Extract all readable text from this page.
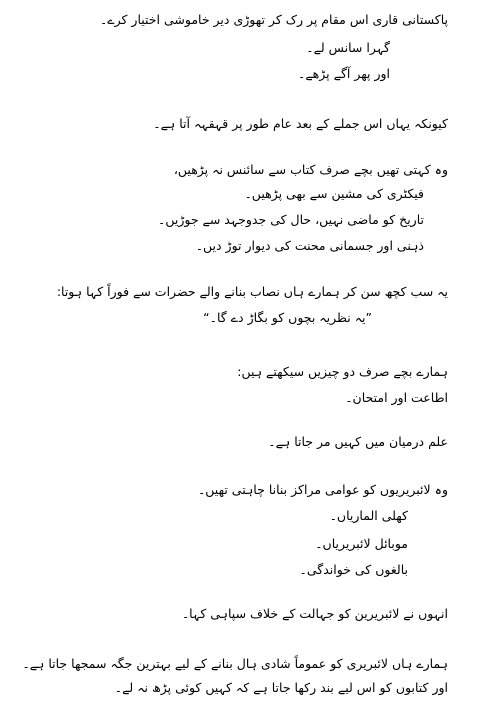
پاکستانی قاری اس مقام پر رک کر تھوڑی دیر خاموشی اختیار کرے۔
گہرا سانس لے۔
اور پھر آگے پڑھے۔
کیونکہ یہاں اس جملے کے بعد عام طور پر قہقہہ آتا ہے۔
وہ کہتی تھیں بچے صرف کتاب سے سائنس نہ پڑھیں،
فیکٹری کی مشین سے بھی پڑھیں۔
تاریخ کو ماضی نہیں، حال کی جدوجہد سے جوڑیں۔
ذہنی اور جسمانی محنت کی دیوار توڑ دیں۔
یہ سب کچھ سن کر ہمارے ہاں نصاب بنانے والے حضرات سے فوراً کہا ہوتا:
”یہ نظریہ بچوں کو بگاڑ دے گا۔“
ہمارے بچے صرف دو چیزیں سیکھتے ہیں:
اطاعت اور امتحان۔
علم درمیان میں کہیں مر جاتا ہے۔
وہ لائبریریوں کو عوامی مراکز بنانا چاہتی تھیں۔
کھلی الماریاں۔
موبائل لائبریریاں۔
بالغوں کی خواندگی۔
انہوں نے لائبریرین کو جہالت کے خلاف سپاہی کہا۔
ہمارے ہاں لائبریری کو عموماً شادی ہال بنانے کے لیے بہترین جگہ سمجھا جاتا ہے۔
اور کتابوں کو اس لیے بند رکھا جاتا ہے کہ کہیں کوئی پڑھ نہ لے۔
